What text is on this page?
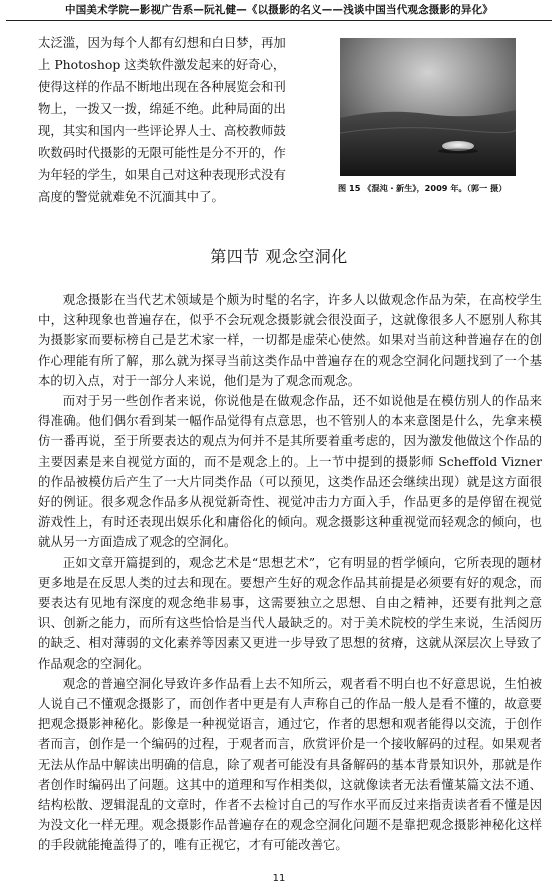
中国美术学院—影视广告系—阮礼健—《以摄影的名义——浅谈中国当代观念摄影的异化》

太泛滥，因为每个人都有幻想和白日梦，再加上 Photoshop 这类软件激发起来的好奇心，使得这样的作品不断地出现在各种展览会和刊物上，一拨又一拨，绵延不绝。此种局面的出现，其实和国内一些评论界人士、高校教师鼓吹数码时代摄影的无限可能性是分不开的，作为年轻的学生，如果自己对这种表现形式没有高度的警觉就难免不沉湎其中了。

图 15 《混沌・新生》，2009 年。（郭一 摄）
第四节 观念空洞化

观念摄影在当代艺术领域是个颇为时髦的名字，许多人以做观念作品为荣，在高校学生中，这种现象也普遍存在，似乎不会玩观念摄影就会很没面子，这就像很多人不愿别人称其为摄影家而要标榜自己是艺术家一样，一切都是虚荣心使然。如果对当前这种普遍存在的创作心理能有所了解，那么就为探寻当前这类作品中普遍存在的观念空洞化问题找到了一个基本的切入点，对于一部分人来说，他们是为了观念而观念。

而对于另一些创作者来说，你说他是在做观念作品，还不如说他是在模仿别人的作品来得准确。他们偶尔看到某一幅作品觉得有点意思，也不管别人的本来意图是什么，先拿来模仿一番再说，至于所要表达的观点为何并不是其所要着重考虑的，因为激发他做这个作品的主要因素是来自视觉方面的，而不是观念上的。上一节中提到的摄影师 Scheffold Vizner 的作品被模仿后产生了一大片同类作品（可以预见，这类作品还会继续出现）就是这方面很好的例证。很多观念作品多从视觉新奇性、视觉冲击力方面入手，作品更多的是停留在视觉游戏性上，有时还表现出娱乐化和庸俗化的倾向。观念摄影这种重视觉而轻观念的倾向，也就从另一方面造成了观念的空洞化。

正如文章开篇提到的，观念艺术是“思想艺术”，它有明显的哲学倾向，它所表现的题材更多地是在反思人类的过去和现在。要想产生好的观念作品其前提是必须要有好的观念，而要表达有见地有深度的观念绝非易事，这需要独立之思想、自由之精神，还要有批判之意识、创新之能力，而所有这些恰恰是当代人最缺乏的。对于美术院校的学生来说，生活阅历的缺乏、相对薄弱的文化素养等因素又更进一步导致了思想的贫瘠，这就从深层次上导致了作品观念的空洞化。

观念的普遍空洞化导致许多作品看上去不知所云，观者看不明白也不好意思说，生怕被人说自己不懂观念摄影了，而创作者中更是有人声称自己的作品一般人是看不懂的，故意要把观念摄影神秘化。影像是一种视觉语言，通过它，作者的思想和观者能得以交流，于创作者而言，创作是一个编码的过程，于观者而言，欣赏评价是一个接收解码的过程。如果观者无法从作品中解读出明确的信息，除了观者可能没有具备解码的基本背景知识外，那就是作者创作时编码出了问题。这其中的道理和写作相类似，这就像读者无法看懂某篇文法不通、结构松散、逻辑混乱的文章时，作者不去检讨自己的写作水平而反过来指责读者看不懂是因为没文化一样无理。观念摄影作品普遍存在的观念空洞化问题不是靠把观念摄影神秘化这样的手段就能掩盖得了的，唯有正视它，才有可能改善它。

11
